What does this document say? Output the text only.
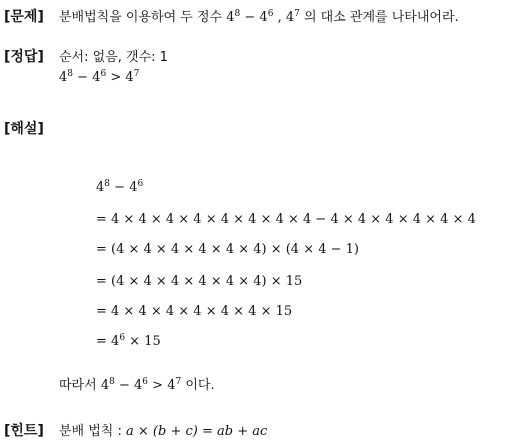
[문제] 분배법칙을 이용하여 두 정수 $4^8 - 4^6$ , $4^7$ 의 대소 관계를 나타내어라.
[정답] 순서: 없음, 갯수: 1
$4^8 - 4^6 > 4^7$
[해설]
$4^8 - 4^6$
= 4 × 4 × 4 × 4 × 4 × 4 × 4 × 4 − 4 × 4 × 4 × 4 × 4 × 4
= (4 × 4 × 4 × 4 × 4 × 4) × (4 × 4 − 1)
= (4 × 4 × 4 × 4 × 4 × 4) × 15
= 4 × 4 × 4 × 4 × 4 × 4 × 15
= $4^6 \times 15$
따라서 $4^8 - 4^6 > 4^7$ 이다.
[힌트] 분배 법칙 : a × (b + c) = ab + ac
